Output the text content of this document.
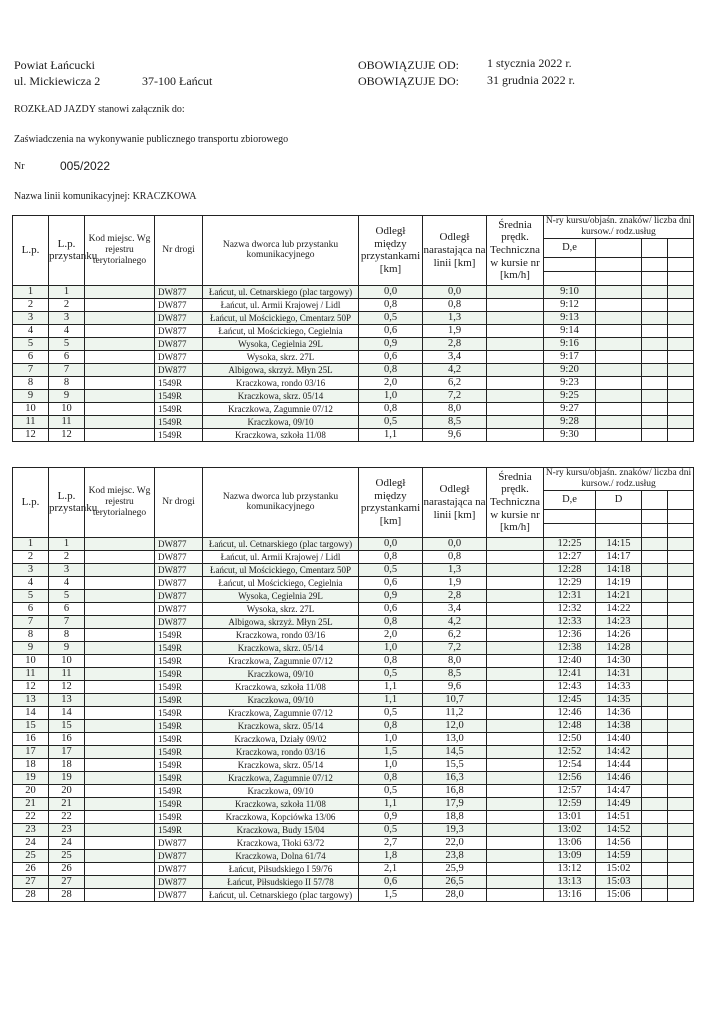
Powiat Łańcucki
ul. Mickiewicza 2	37-100 Łańcut
OBOWIĄZUJE OD: 1 stycznia 2022 r.
OBOWIĄZUJE DO: 31 grudnia 2022 r.
ROZKŁAD JAZDY stanowi załącznik do:
Zaświadczenia na wykonywanie publicznego transportu zbiorowego
Nr	005/2022
Nazwa linii komunikacyjnej: KRACZKOWA
L.p.	L.p. przystanku	Kod miejsc. Wg rejestru terytorialnego	Nr drogi	Nazwa dworca lub przystanku komunikacyjnego	Odległ między przystankami [km]	Odległ narastająca na linii [km]	Średnia prędk. Techniczna w kursie nr [km/h]	N-ry kursu/objaśn. znaków/ liczba dni kursow./ rodz.usług			
								D,e			

1	1		DW877	Łańcut, ul. Cetnarskiego (plac targowy)	0,0	0,0		9:10			
2	2		DW877	Łańcut, ul. Armii Krajowej / Lidl	0,8	0,8		9:12			
3	3		DW877	Łańcut, ul Mościckiego, Cmentarz 50P	0,5	1,3		9:13			
4	4		DW877	Łańcut, ul Mościckiego, Cegielnia	0,6	1,9		9:14			
5	5		DW877	Wysoka, Cegielnia 29L	0,9	2,8		9:16			
6	6		DW877	Wysoka, skrz. 27L	0,6	3,4		9:17			
7	7		DW877	Albigowa, skrzyż. Młyn 25L	0,8	4,2		9:20			
8	8		1549R	Kraczkowa, rondo 03/16	2,0	6,2		9:23			
9	9		1549R	Kraczkowa, skrz. 05/14	1,0	7,2		9:25			
10	10		1549R	Kraczkowa, Zagumnie 07/12	0,8	8,0		9:27			
11	11		1549R	Kraczkowa, 09/10	0,5	8,5		9:28			
12	12		1549R	Kraczkowa, szkoła 11/08	1,1	9,6		9:30			
L.p.	L.p. przystanku	Kod miejsc. Wg rejestru terytorialnego	Nr drogi	Nazwa dworca lub przystanku komunikacyjnego	Odległ między przystankami [km]	Odległ narastająca na linii [km]	Średnia prędk. Techniczna w kursie nr [km/h]	N-ry kursu/objaśn. znaków/ liczba dni kursow./ rodz.usług			
								D,e	D		

1	1		DW877	Łańcut, ul. Cetnarskiego (plac targowy)	0,0	0,0		12:25	14:15		
2	2		DW877	Łańcut, ul. Armii Krajowej / Lidl	0,8	0,8		12:27	14:17		
3	3		DW877	Łańcut, ul Mościckiego, Cmentarz 50P	0,5	1,3		12:28	14:18		
4	4		DW877	Łańcut, ul Mościckiego, Cegielnia	0,6	1,9		12:29	14:19		
5	5		DW877	Wysoka, Cegielnia 29L	0,9	2,8		12:31	14:21		
6	6		DW877	Wysoka, skrz. 27L	0,6	3,4		12:32	14:22		
7	7		DW877	Albigowa, skrzyż. Młyn 25L	0,8	4,2		12:33	14:23		
8	8		1549R	Kraczkowa, rondo 03/16	2,0	6,2		12:36	14:26		
9	9		1549R	Kraczkowa, skrz. 05/14	1,0	7,2		12:38	14:28		
10	10		1549R	Kraczkowa, Zagumnie 07/12	0,8	8,0		12:40	14:30		
11	11		1549R	Kraczkowa, 09/10	0,5	8,5		12:41	14:31		
12	12		1549R	Kraczkowa, szkoła 11/08	1,1	9,6		12:43	14:33		
13	13		1549R	Kraczkowa, 09/10	1,1	10,7		12:45	14:35		
14	14		1549R	Kraczkowa, Zagumnie 07/12	0,5	11,2		12:46	14:36		
15	15		1549R	Kraczkowa, skrz. 05/14	0,8	12,0		12:48	14:38		
16	16		1549R	Kraczkowa, Działy 09/02	1,0	13,0		12:50	14:40		
17	17		1549R	Kraczkowa, rondo 03/16	1,5	14,5		12:52	14:42		
18	18		1549R	Kraczkowa, skrz. 05/14	1,0	15,5		12:54	14:44		
19	19		1549R	Kraczkowa, Zagumnie 07/12	0,8	16,3		12:56	14:46		
20	20		1549R	Kraczkowa, 09/10	0,5	16,8		12:57	14:47		
21	21		1549R	Kraczkowa, szkoła 11/08	1,1	17,9		12:59	14:49		
22	22		1549R	Kraczkowa, Kopciówka 13/06	0,9	18,8		13:01	14:51		
23	23		1549R	Kraczkowa, Budy 15/04	0,5	19,3		13:02	14:52		
24	24		DW877	Kraczkowa, Tłoki 63/72	2,7	22,0		13:06	14:56		
25	25		DW877	Kraczkowa, Dolna 61/74	1,8	23,8		13:09	14:59		
26	26		DW877	Łańcut, Piłsudskiego I 59/76	2,1	25,9		13:12	15:02		
27	27		DW877	Łańcut, Piłsudskiego II 57/78	0,6	26,5		13:13	15:03		
28	28		DW877	Łańcut, ul. Cetnarskiego (plac targowy)	1,5	28,0		13:16	15:06		
